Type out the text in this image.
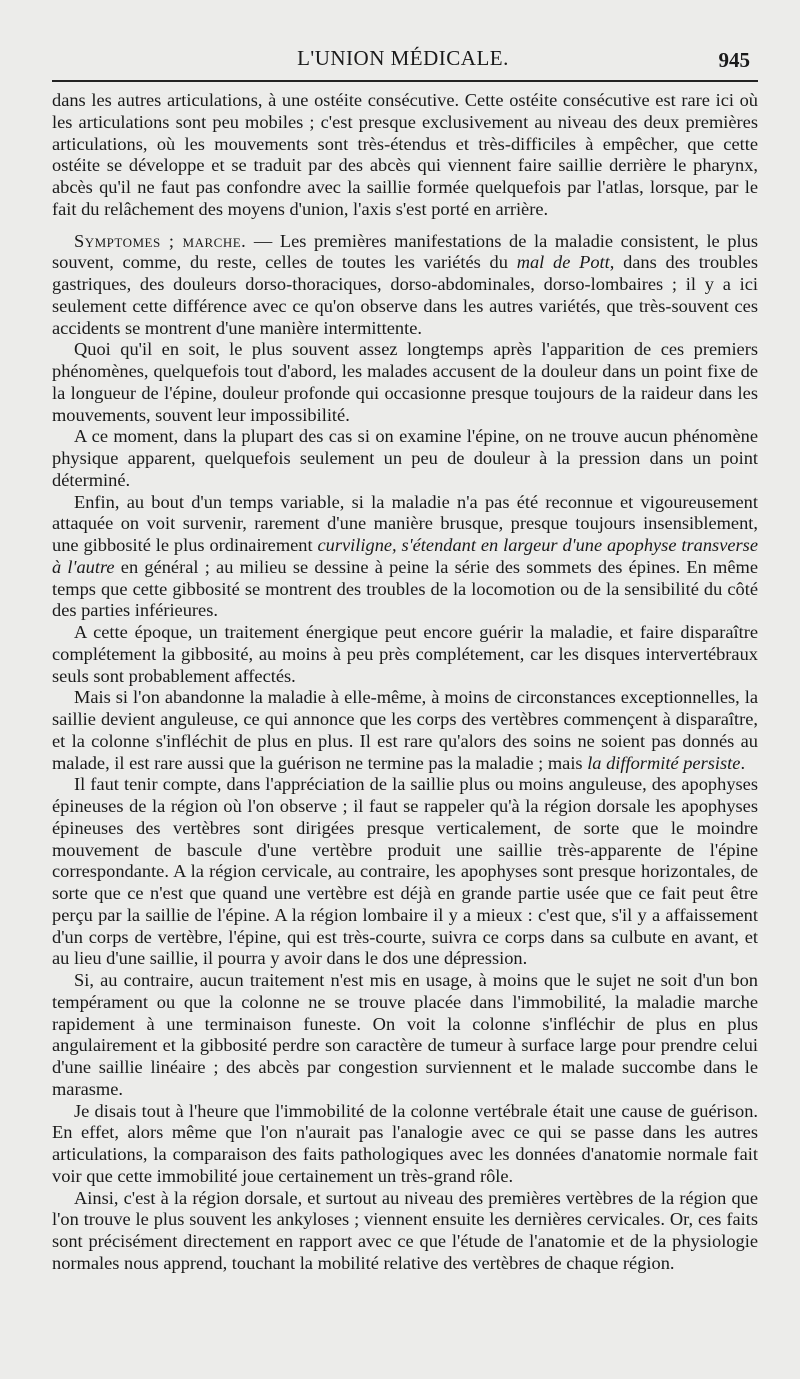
L'UNION MÉDICALE.	945

dans les autres articulations, à une ostéite consécutive. Cette ostéite consécutive est rare ici où les articulations sont peu mobiles ; c'est presque exclusivement au niveau des deux premières articulations, où les mouvements sont très-étendus et très-difficiles à empêcher, que cette ostéite se développe et se traduit par des abcès qui viennent faire saillie derrière le pharynx, abcès qu'il ne faut pas confondre avec la saillie formée quelquefois par l'atlas, lorsque, par le fait du relâchement des moyens d'union, l'axis s'est porté en arrière.

Symptomes ; marche. — Les premières manifestations de la maladie consistent, le plus souvent, comme, du reste, celles de toutes les variétés du mal de Pott, dans des troubles gastriques, des douleurs dorso-thoraciques, dorso-abdominales, dorso-lombaires ; il y a ici seulement cette différence avec ce qu'on observe dans les autres variétés, que très-souvent ces accidents se montrent d'une manière intermittente.

Quoi qu'il en soit, le plus souvent assez longtemps après l'apparition de ces premiers phénomènes, quelquefois tout d'abord, les malades accusent de la douleur dans un point fixe de la longueur de l'épine, douleur profonde qui occasionne presque toujours de la raideur dans les mouvements, souvent leur impossibilité.

A ce moment, dans la plupart des cas si on examine l'épine, on ne trouve aucun phénomène physique apparent, quelquefois seulement un peu de douleur à la pression dans un point déterminé.

Enfin, au bout d'un temps variable, si la maladie n'a pas été reconnue et vigoureusement attaquée on voit survenir, rarement d'une manière brusque, presque toujours insensiblement, une gibbosité le plus ordinairement curviligne, s'étendant en largeur d'une apophyse transverse à l'autre en général ; au milieu se dessine à peine la série des sommets des épines. En même temps que cette gibbosité se montrent des troubles de la locomotion ou de la sensibilité du côté des parties inférieures.

A cette époque, un traitement énergique peut encore guérir la maladie, et faire disparaître complétement la gibbosité, au moins à peu près complétement, car les disques intervertébraux seuls sont probablement affectés.

Mais si l'on abandonne la maladie à elle-même, à moins de circonstances exceptionnelles, la saillie devient anguleuse, ce qui annonce que les corps des vertèbres commençent à disparaître, et la colonne s'infléchit de plus en plus. Il est rare qu'alors des soins ne soient pas donnés au malade, il est rare aussi que la guérison ne termine pas la maladie ; mais la difformité persiste.

Il faut tenir compte, dans l'appréciation de la saillie plus ou moins anguleuse, des apophyses épineuses de la région où l'on observe ; il faut se rappeler qu'à la région dorsale les apophyses épineuses des vertèbres sont dirigées presque verticalement, de sorte que le moindre mouvement de bascule d'une vertèbre produit une saillie très-apparente de l'épine correspondante. A la région cervicale, au contraire, les apophyses sont presque horizontales, de sorte que ce n'est que quand une vertèbre est déjà en grande partie usée que ce fait peut être perçu par la saillie de l'épine. A la région lombaire il y a mieux : c'est que, s'il y a affaissement d'un corps de vertèbre, l'épine, qui est très-courte, suivra ce corps dans sa culbute en avant, et au lieu d'une saillie, il pourra y avoir dans le dos une dépression.

Si, au contraire, aucun traitement n'est mis en usage, à moins que le sujet ne soit d'un bon tempérament ou que la colonne ne se trouve placée dans l'immobilité, la maladie marche rapidement à une terminaison funeste. On voit la colonne s'infléchir de plus en plus angulairement et la gibbosité perdre son caractère de tumeur à surface large pour prendre celui d'une saillie linéaire ; des abcès par congestion surviennent et le malade succombe dans le marasme.

Je disais tout à l'heure que l'immobilité de la colonne vertébrale était une cause de guérison. En effet, alors même que l'on n'aurait pas l'analogie avec ce qui se passe dans les autres articulations, la comparaison des faits pathologiques avec les données d'anatomie normale fait voir que cette immobilité joue certainement un très-grand rôle.

Ainsi, c'est à la région dorsale, et surtout au niveau des premières vertèbres de la région que l'on trouve le plus souvent les ankyloses ; viennent ensuite les dernières cervicales. Or, ces faits sont précisément directement en rapport avec ce que l'étude de l'anatomie et de la physiologie normales nous apprend, touchant la mobilité relative des vertèbres de chaque région.
